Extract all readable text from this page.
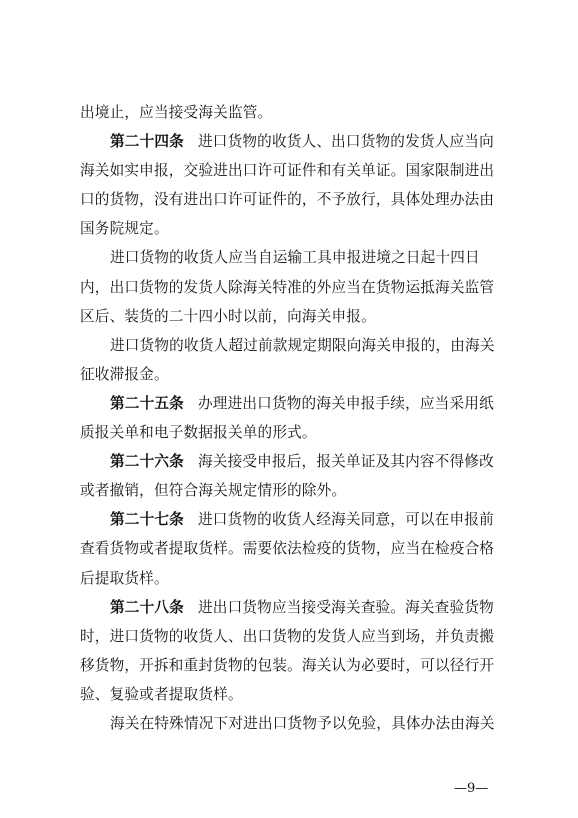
出境止，应当接受海关监管。
第二十四条 进口货物的收货人、出口货物的发货人应当向
海关如实申报，交验进出口许可证件和有关单证。国家限制进出
口的货物，没有进出口许可证件的，不予放行，具体处理办法由
国务院规定。
进口货物的收货人应当自运输工具申报进境之日起十四日
内，出口货物的发货人除海关特准的外应当在货物运抵海关监管
区后、装货的二十四小时以前，向海关申报。
进口货物的收货人超过前款规定期限向海关申报的，由海关
征收滞报金。
第二十五条 办理进出口货物的海关申报手续，应当采用纸
质报关单和电子数据报关单的形式。
第二十六条 海关接受申报后，报关单证及其内容不得修改
或者撤销，但符合海关规定情形的除外。
第二十七条 进口货物的收货人经海关同意，可以在申报前
查看货物或者提取货样。需要依法检疫的货物，应当在检疫合格
后提取货样。
第二十八条 进出口货物应当接受海关查验。海关查验货物
时，进口货物的收货人、出口货物的发货人应当到场，并负责搬
移货物，开拆和重封货物的包装。海关认为必要时，可以径行开
验、复验或者提取货样。
海关在特殊情况下对进出口货物予以免验，具体办法由海关
—9—
